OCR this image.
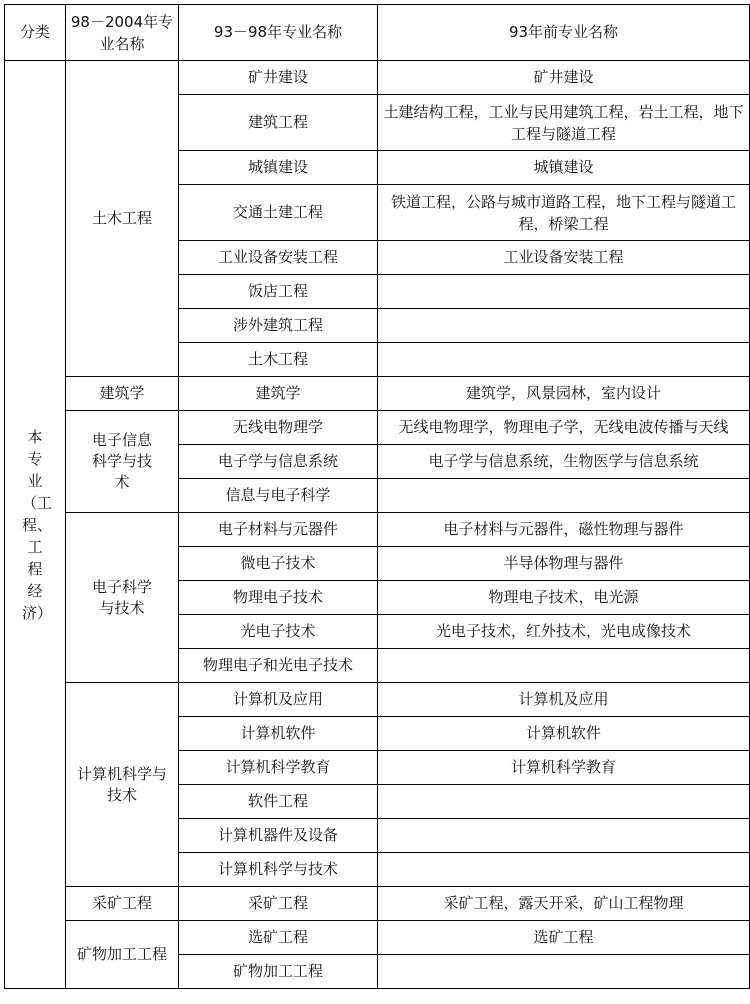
分类	98－2004年专业名称	93－98年专业名称	93年前专业名称

本专业（工程、工程经济）	土木工程	矿井建设	矿井建设
		建筑工程	土建结构工程，工业与民用建筑工程，岩土工程，地下工程与隧道工程
		城镇建设	城镇建设
		交通土建工程	铁道工程，公路与城市道路工程，地下工程与隧道工程，桥梁工程
		工业设备安装工程	工业设备安装工程
		饭店工程	
		涉外建筑工程	
		土木工程	

	建筑学	建筑学	建筑学，风景园林，室内设计

	电子信息科学与技术	无线电物理学	无线电物理学，物理电子学，无线电波传播与天线
		电子学与信息系统	电子学与信息系统，生物医学与信息系统
		信息与电子科学	

	电子科学与技术	电子材料与元器件	电子材料与元器件，磁性物理与器件
		微电子技术	半导体物理与器件
		物理电子技术	物理电子技术，电光源
		光电子技术	光电子技术，红外技术，光电成像技术
		物理电子和光电子技术	

	计算机科学与技术	计算机及应用	计算机及应用
		计算机软件	计算机软件
		计算机科学教育	计算机科学教育
		软件工程	
		计算机器件及设备	
		计算机科学与技术	

	采矿工程	采矿工程	采矿工程，露天开采，矿山工程物理

	矿物加工工程	选矿工程	选矿工程
		矿物加工工程	
